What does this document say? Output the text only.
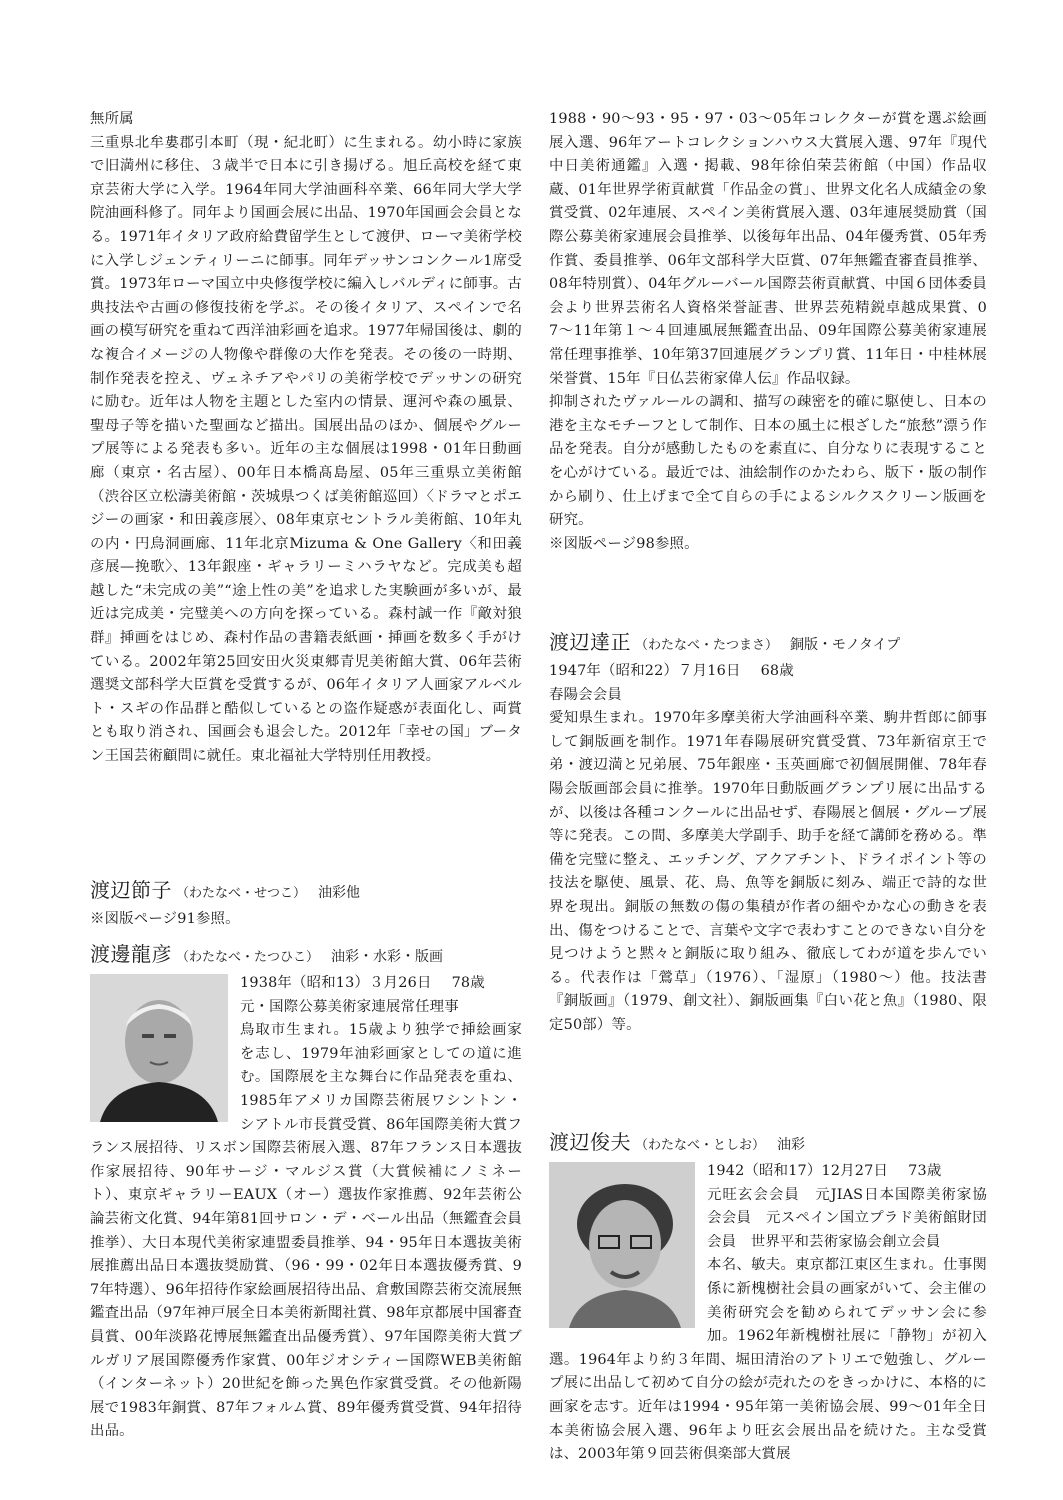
無所属

三重県北牟婁郡引本町（現・紀北町）に生まれる。幼小時に家族で旧満州に移住、３歳半で日本に引き揚げる。旭丘高校を経て東京芸術大学に入学。1964年同大学油画科卒業、66年同大学大学院油画科修了。同年より国画会展に出品、1970年国画会会員となる。1971年イタリア政府給費留学生として渡伊、ローマ美術学校に入学しジェンティリーニに師事。同年デッサンコンクール1席受賞。1973年ローマ国立中央修復学校に編入しバルディに師事。古典技法や古画の修復技術を学ぶ。その後イタリア、スペインで名画の模写研究を重ねて西洋油彩画を追求。1977年帰国後は、劇的な複合イメージの人物像や群像の大作を発表。その後の一時期、制作発表を控え、ヴェネチアやパリの美術学校でデッサンの研究に励む。近年は人物を主題とした室内の情景、運河や森の風景、聖母子等を描いた聖画など描出。国展出品のほか、個展やグループ展等による発表も多い。近年の主な個展は1998・01年日動画廊（東京・名古屋）、00年日本橋髙島屋、05年三重県立美術館（渋谷区立松濤美術館・茨城県つくば美術館巡回）〈ドラマとポエジーの画家・和田義彦展〉、08年東京セントラル美術館、10年丸の内・円鳥洞画廊、11年北京Mizuma & One Gallery〈和田義彦展—挽歌〉、13年銀座・ギャラリーミハラヤなど。完成美も超越した“未完成の美”“途上性の美”を追求した実験画が多いが、最近は完成美・完璧美への方向を探っている。森村誠一作『敵対狼群』挿画をはじめ、森村作品の書籍表紙画・挿画を数多く手がけている。2002年第25回安田火災東郷青児美術館大賞、06年芸術選奨文部科学大臣賞を受賞するが、06年イタリア人画家アルベルト・スギの作品群と酷似しているとの盗作疑惑が表面化し、両賞とも取り消され、国画会も退会した。2012年「幸せの国」ブータン王国芸術顧問に就任。東北福祉大学特別任用教授。

渡辺節子 （わたなべ・せつこ） 油彩他

※図版ページ91参照。

渡邊龍彦 （わたなべ・たつひこ） 油彩・水彩・版画

1938年（昭和13）３月26日 78歳

元・国際公募美術家連展常任理事

鳥取市生まれ。15歳より独学で挿絵画家を志し、1979年油彩画家としての道に進む。国際展を主な舞台に作品発表を重ね、1985年アメリカ国際芸術展ワシントン・シアトル市長賞受賞、86年国際美術大賞フランス展招待、リスボン国際芸術展入選、87年フランス日本選抜作家展招待、90年サージ・マルジス賞（大賞候補にノミネート）、東京ギャラリーEAUX（オー）選抜作家推薦、92年芸術公論芸術文化賞、94年第81回サロン・デ・ベール出品（無鑑査会員推挙）、大日本現代美術家連盟委員推挙、94・95年日本選抜美術展推薦出品日本選抜奨励賞、（96・99・02年日本選抜優秀賞、97年特選）、96年招待作家絵画展招待出品、倉敷国際芸術交流展無鑑査出品（97年神戸展全日本美術新聞社賞、98年京都展中国審査員賞、00年淡路花博展無鑑査出品優秀賞）、97年国際美術大賞ブルガリア展国際優秀作家賞、00年ジオシティー国際WEB美術館（インターネット）20世紀を飾った異色作家賞受賞。その他新陽展で1983年銅賞、87年フォルム賞、89年優秀賞受賞、94年招待出品。

1988・90〜93・95・97・03〜05年コレクターが賞を選ぶ絵画展入選、96年アートコレクションハウス大賞展入選、97年『現代中日美術通鑑』入選・掲載、98年徐伯荣芸術館（中国）作品収蔵、01年世界学術貢献賞「作品金の賞」、世界文化名人成績金の象賞受賞、02年連展、スペイン美術賞展入選、03年連展奨励賞（国際公募美術家連展会員推挙、以後毎年出品、04年優秀賞、05年秀作賞、委員推挙、06年文部科学大臣賞、07年無鑑査審査員推挙、08年特別賞）、04年グルーバール国際芸術貢献賞、中国６団体委員会より世界芸術名人資格栄誉証書、世界芸苑精鋭卓越成果賞、07〜11年第１〜４回連風展無鑑査出品、09年国際公募美術家連展常任理事推挙、10年第37回連展グランプリ賞、11年日・中桂林展栄誉賞、15年『日仏芸術家偉人伝』作品収録。

抑制されたヴァルールの調和、描写の疎密を的確に駆使し、日本の港を主なモチーフとして制作、日本の風土に根ざした“旅愁”漂う作品を発表。自分が感動したものを素直に、自分なりに表現することを心がけている。最近では、油絵制作のかたわら、版下・版の制作から刷り、仕上げまで全て自らの手によるシルクスクリーン版画を研究。

※図版ページ98参照。

渡辺達正 （わたなべ・たつまさ） 銅版・モノタイプ

1947年（昭和22）７月16日 68歳

春陽会会員

愛知県生まれ。1970年多摩美術大学油画科卒業、駒井哲郎に師事して銅版画を制作。1971年春陽展研究賞受賞、73年新宿京王で弟・渡辺満と兄弟展、75年銀座・玉英画廊で初個展開催、78年春陽会版画部会員に推挙。1970年日動版画グランプリ展に出品するが、以後は各種コンクールに出品せず、春陽展と個展・グループ展等に発表。この間、多摩美大学副手、助手を経て講師を務める。準備を完璧に整え、エッチング、アクアチント、ドライポイント等の技法を駆使、風景、花、鳥、魚等を銅版に刻み、端正で詩的な世界を現出。銅版の無数の傷の集積が作者の細やかな心の動きを表出、傷をつけることで、言葉や文字で表わすことのできない自分を見つけようと黙々と銅版に取り組み、徹底してわが道を歩んでいる。代表作は「鶯草」（1976）、「湿原」（1980〜）他。技法書『銅版画』（1979、創文社）、銅版画集『白い花と魚』（1980、限定50部）等。

渡辺俊夫 （わたなべ・としお） 油彩

1942（昭和17）12月27日 73歳

元旺玄会会員　元JIAS日本国際美術家協会会員　元スペイン国立プラド美術館財団会員　世界平和芸術家協会創立会員

本名、敏夫。東京都江東区生まれ。仕事関係に新槐樹社会員の画家がいて、会主催の美術研究会を勧められてデッサン会に参加。1962年新槐樹社展に「静物」が初入選。1964年より約３年間、堀田清治のアトリエで勉強し、グループ展に出品して初めて自分の絵が売れたのをきっかけに、本格的に画家を志す。近年は1994・95年第一美術協会展、99〜01年全日本美術協会展入選、96年より旺玄会展出品を続けた。主な受賞は、2003年第９回芸術倶楽部大賞展
